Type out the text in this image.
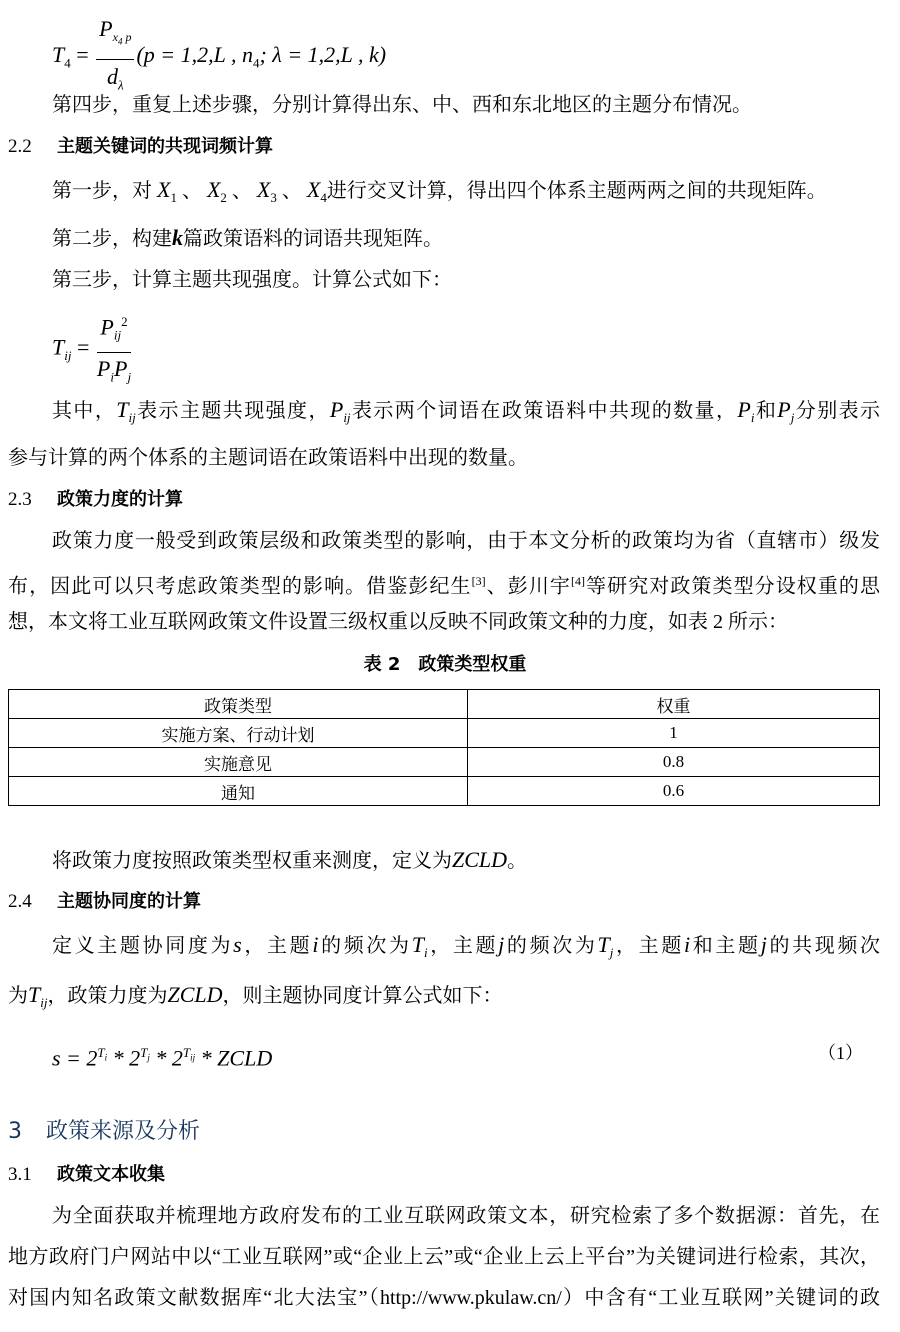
$T_4 = \frac{P_{x_4 p}}{d_\lambda} (p = 1,2,L$ , $n_4$; λ = 1,2,L , k)
第四步，重复上述步骤，分别计算得出东、中、西和东北地区的主题分布情况。
2.2 主题关键词的共现词频计算
第一步，对 $X_1$ 、 $X_2$ 、 $X_3$ 、 $X_4$进行交叉计算，得出四个体系主题两两之间的共现矩阵。
第二步，构建k篇政策语料的词语共现矩阵。
第三步，计算主题共现强度。计算公式如下：
$T_{ij} = \frac{P_{ij}^2}{P_iP_j}$
其中，$T_{ij}$表示主题共现强度，$P_{ij}$表示两个词语在政策语料中共现的数量，$P_i$和$P_j$分别表示
参与计算的两个体系的主题词语在政策语料中出现的数量。
2.3 政策力度的计算
政策力度一般受到政策层级和政策类型的影响，由于本文分析的政策均为省（直辖市）级发
布，因此可以只考虑政策类型的影响。借鉴彭纪生[3]、彭川宇[4]等研究对政策类型分设权重的思
想，本文将工业互联网政策文件设置三级权重以反映不同政策文种的力度，如表 2 所示：
表 2　政策类型权重
政策类型	权重
实施方案、行动计划	1
实施意见	0.8
通知	0.6
将政策力度按照政策类型权重来测度，定义为ZCLD。
2.4 主题协同度的计算
定义主题协同度为s，主题i的频次为$T_i$，主题j的频次为$T_j$，主题i和主题j的共现频次
为$T_{ij}$，政策力度为ZCLD，则主题协同度计算公式如下：
$s = 2^{T_i} * 2^{T_j} * 2^{T_{ij}}$ * ZCLD	（1）
3 政策来源及分析
3.1 政策文本收集
为全面获取并梳理地方政府发布的工业互联网政策文本，研究检索了多个数据源：首先，在
地方政府门户网站中以“工业互联网”或“企业上云”或“企业上云上平台”为关键词进行检索，其次，
对国内知名政策文献数据库“北大法宝”（http://www.pkulaw.cn/）中含有“工业互联网”关键词的政
